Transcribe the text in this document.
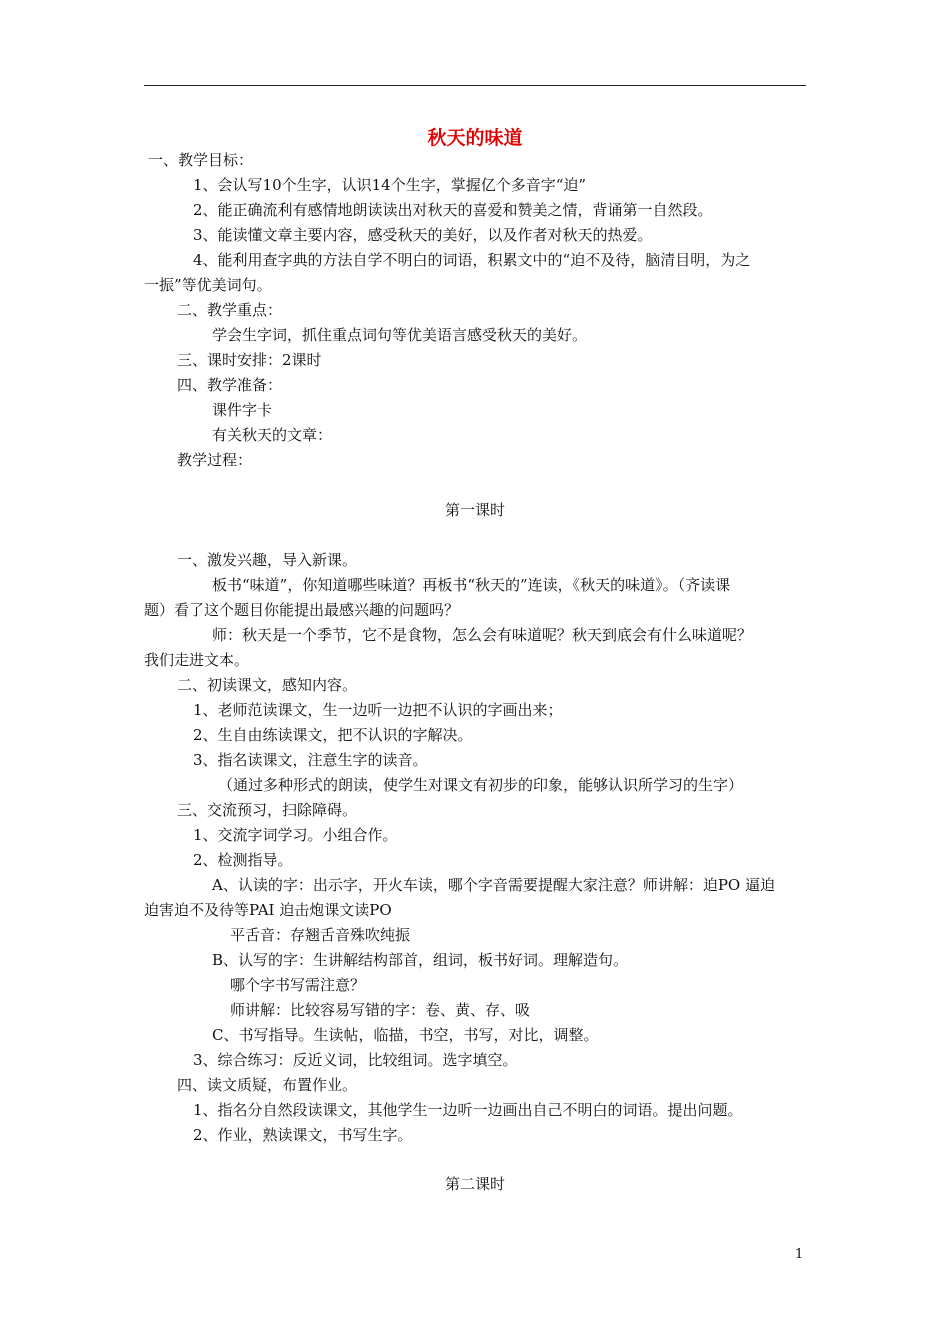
秋天的味道
一、教学目标：
1、会认写10个生字，认识14个生字，掌握亿个多音字“迫”
2、能正确流利有感情地朗读读出对秋天的喜爱和赞美之情，背诵第一自然段。
3、能读懂文章主要内容，感受秋天的美好，以及作者对秋天的热爱。
4、能利用查字典的方法自学不明白的词语，积累文中的“迫不及待，脑清目明，为之
一振”等优美词句。
二、教学重点：
学会生字词，抓住重点词句等优美语言感受秋天的美好。
三、课时安排：2课时
四、教学准备：
课件字卡
有关秋天的文章：
教学过程：
第一课时
一、激发兴趣，导入新课。
板书“味道”，你知道哪些味道？再板书“秋天的”连读，《秋天的味道》。（齐读课
题）看了这个题目你能提出最感兴趣的问题吗？
师：秋天是一个季节，它不是食物，怎么会有味道呢？秋天到底会有什么味道呢？
我们走进文本。
二、初读课文，感知内容。
1、老师范读课文，生一边听一边把不认识的字画出来；
2、生自由练读课文，把不认识的字解决。
3、指名读课文，注意生字的读音。
（通过多种形式的朗读，使学生对课文有初步的印象，能够认识所学习的生字）
三、交流预习，扫除障碍。
1、交流字词学习。小组合作。
2、检测指导。
A、认读的字：出示字，开火车读，哪个字音需要提醒大家注意？师讲解：迫PO 逼迫
迫害迫不及待等PAI 迫击炮课文读PO
平舌音：存翘舌音殊吹纯振
B、认写的字：生讲解结构部首，组词，板书好词。理解造句。
哪个字书写需注意？
师讲解：比较容易写错的字：卷、黄、存、吸
C、书写指导。生读帖，临描，书空，书写，对比，调整。
3、综合练习：反近义词，比较组词。选字填空。
四、读文质疑，布置作业。
1、指名分自然段读课文，其他学生一边听一边画出自己不明白的词语。提出问题。
2、作业，熟读课文，书写生字。
第二课时
1
